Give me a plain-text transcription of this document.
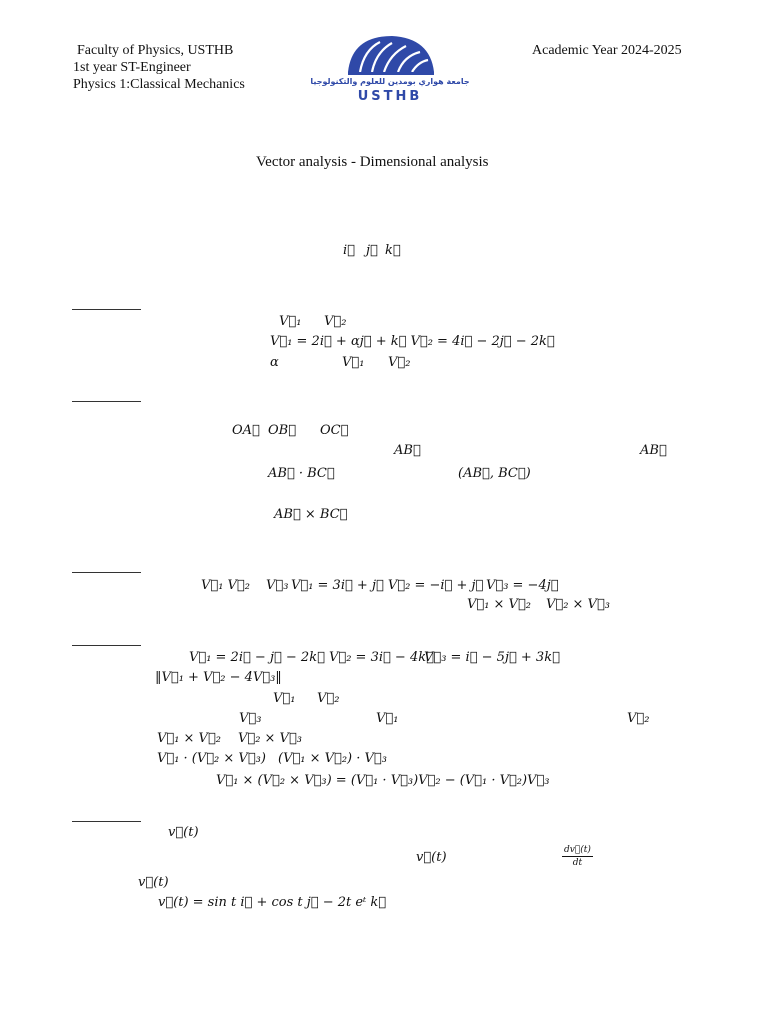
Faculty of Physics, USTHB
1st year ST-Engineer
Physics 1:Classical Mechanics
Academic Year 2024-2025
جامعة هواري بومدين للعلوم والتكنولوجيا
USTHB
Vector analysis - Dimensional analysis
i⃗ j⃗ k⃗
V⃗₁ V⃗₂
V⃗₁ = 2i⃗ + αj⃗ + k⃗ V⃗₂ = 4i⃗ − 2j⃗ − 2k⃗
α	V⃗₁ V⃗₂
OA⃗ OB⃗ OC⃗
AB⃗	AB⃗
AB⃗ · BC⃗	(AB⃗, BC⃗)
AB⃗ × BC⃗
V⃗₁ V⃗₂ V⃗₃ V⃗₁ = 3i⃗ + j⃗ V⃗₂ = −i⃗ + j⃗ V⃗₃ = −4j⃗
V⃗₁ × V⃗₂ V⃗₂ × V⃗₃
V⃗₁ = 2i⃗ − j⃗ − 2k⃗ V⃗₂ = 3i⃗ − 4k⃗
V⃗₃ = i⃗ − 5j⃗ + 3k⃗
‖V⃗₁ + V⃗₂ − 4V⃗₃‖
V⃗₁ V⃗₂
V⃗₃	V⃗₁	V⃗₂
V⃗₁ × V⃗₂ V⃗₂ × V⃗₃
V⃗₁ · (V⃗₂ × V⃗₃) (V⃗₁ × V⃗₂) · V⃗₃
V⃗₁ × (V⃗₂ × V⃗₃) = (V⃗₁ · V⃗₃)V⃗₂ − (V⃗₁ · V⃗₂)V⃗₃
v⃗(t)
v⃗(t)	$\frac{dv⃗(t)}{dt}$
v⃗(t)
v⃗(t) = sin t i⃗ + cos t j⃗ − 2t eᵗ k⃗
